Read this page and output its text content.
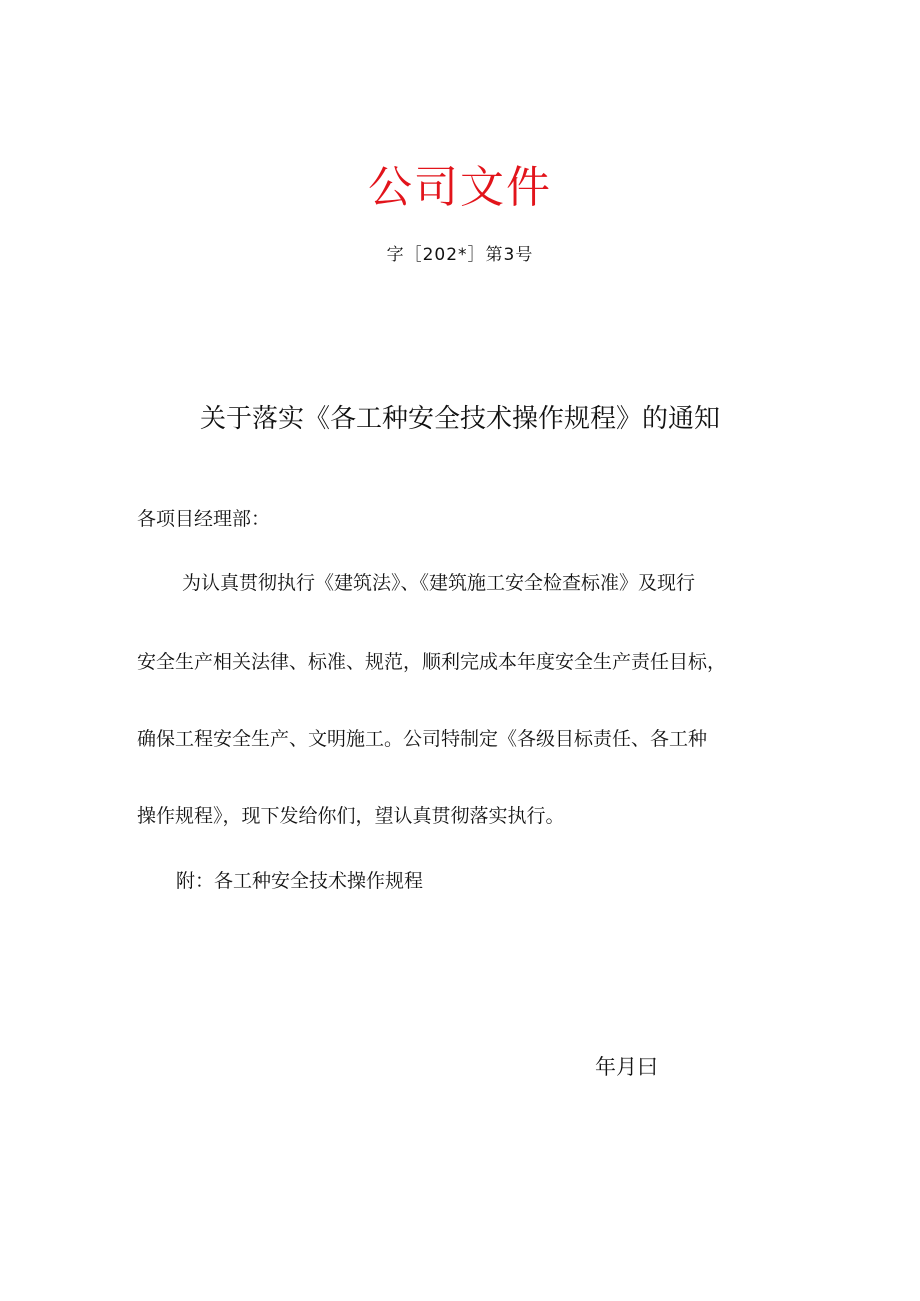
公司文件
字［202*］第3号
关于落实《各工种安全技术操作规程》的通知
各项目经理部：
为认真贯彻执行《建筑法》、《建筑施工安全检查标准》及现行
安全生产相关法律、标准、规范，顺利完成本年度安全生产责任目标，
确保工程安全生产、文明施工。公司特制定《各级目标责任、各工种
操作规程》，现下发给你们，望认真贯彻落实执行。
附：各工种安全技术操作规程
年月曰
